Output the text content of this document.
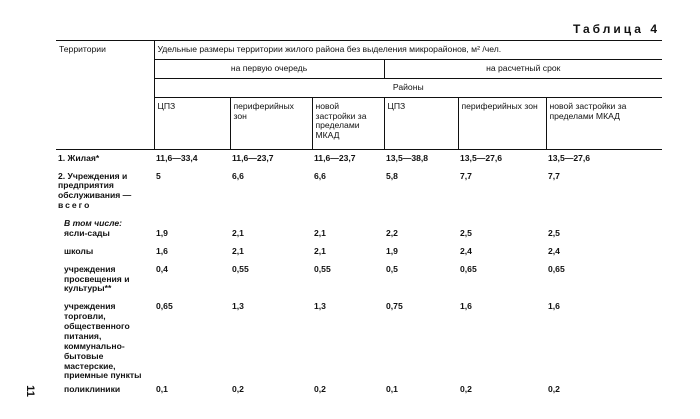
Таблица 4
11
Территории	Удельные размеры территории жилого района без выделения микрорайонов, м² /чел.					
	на первую очередь			на расчетный срок		
	Районы					
	ЦПЗ	периферийных зон	новой застройки за пределами МКАД	ЦПЗ	периферийных зон	новой застройки за пределами МКАД
1. Жилая*	11,6—33,4	11,6—23,7	11,6—23,7	13,5—38,8	13,5—27,6	13,5—27,6
2. Учреждения и предприятия обслуживания — всего	5	6,6	6,6	5,8	7,7	7,7

В том числе:
ясли-сады	1,9	2,1	2,1	2,2	2,5	2,5
школы	1,6	2,1	2,1	1,9	2,4	2,4
учреждения просвещения и культуры**	0,4	0,55	0,55	0,5	0,65	0,65
учреждения торговли, общественного питания, коммунально-бытовые мастерские, приемные пункты	0,65	1,3	1,3	0,75	1,6	1,6
поликлиники	0,1	0,2	0,2	0,1	0,2	0,2
